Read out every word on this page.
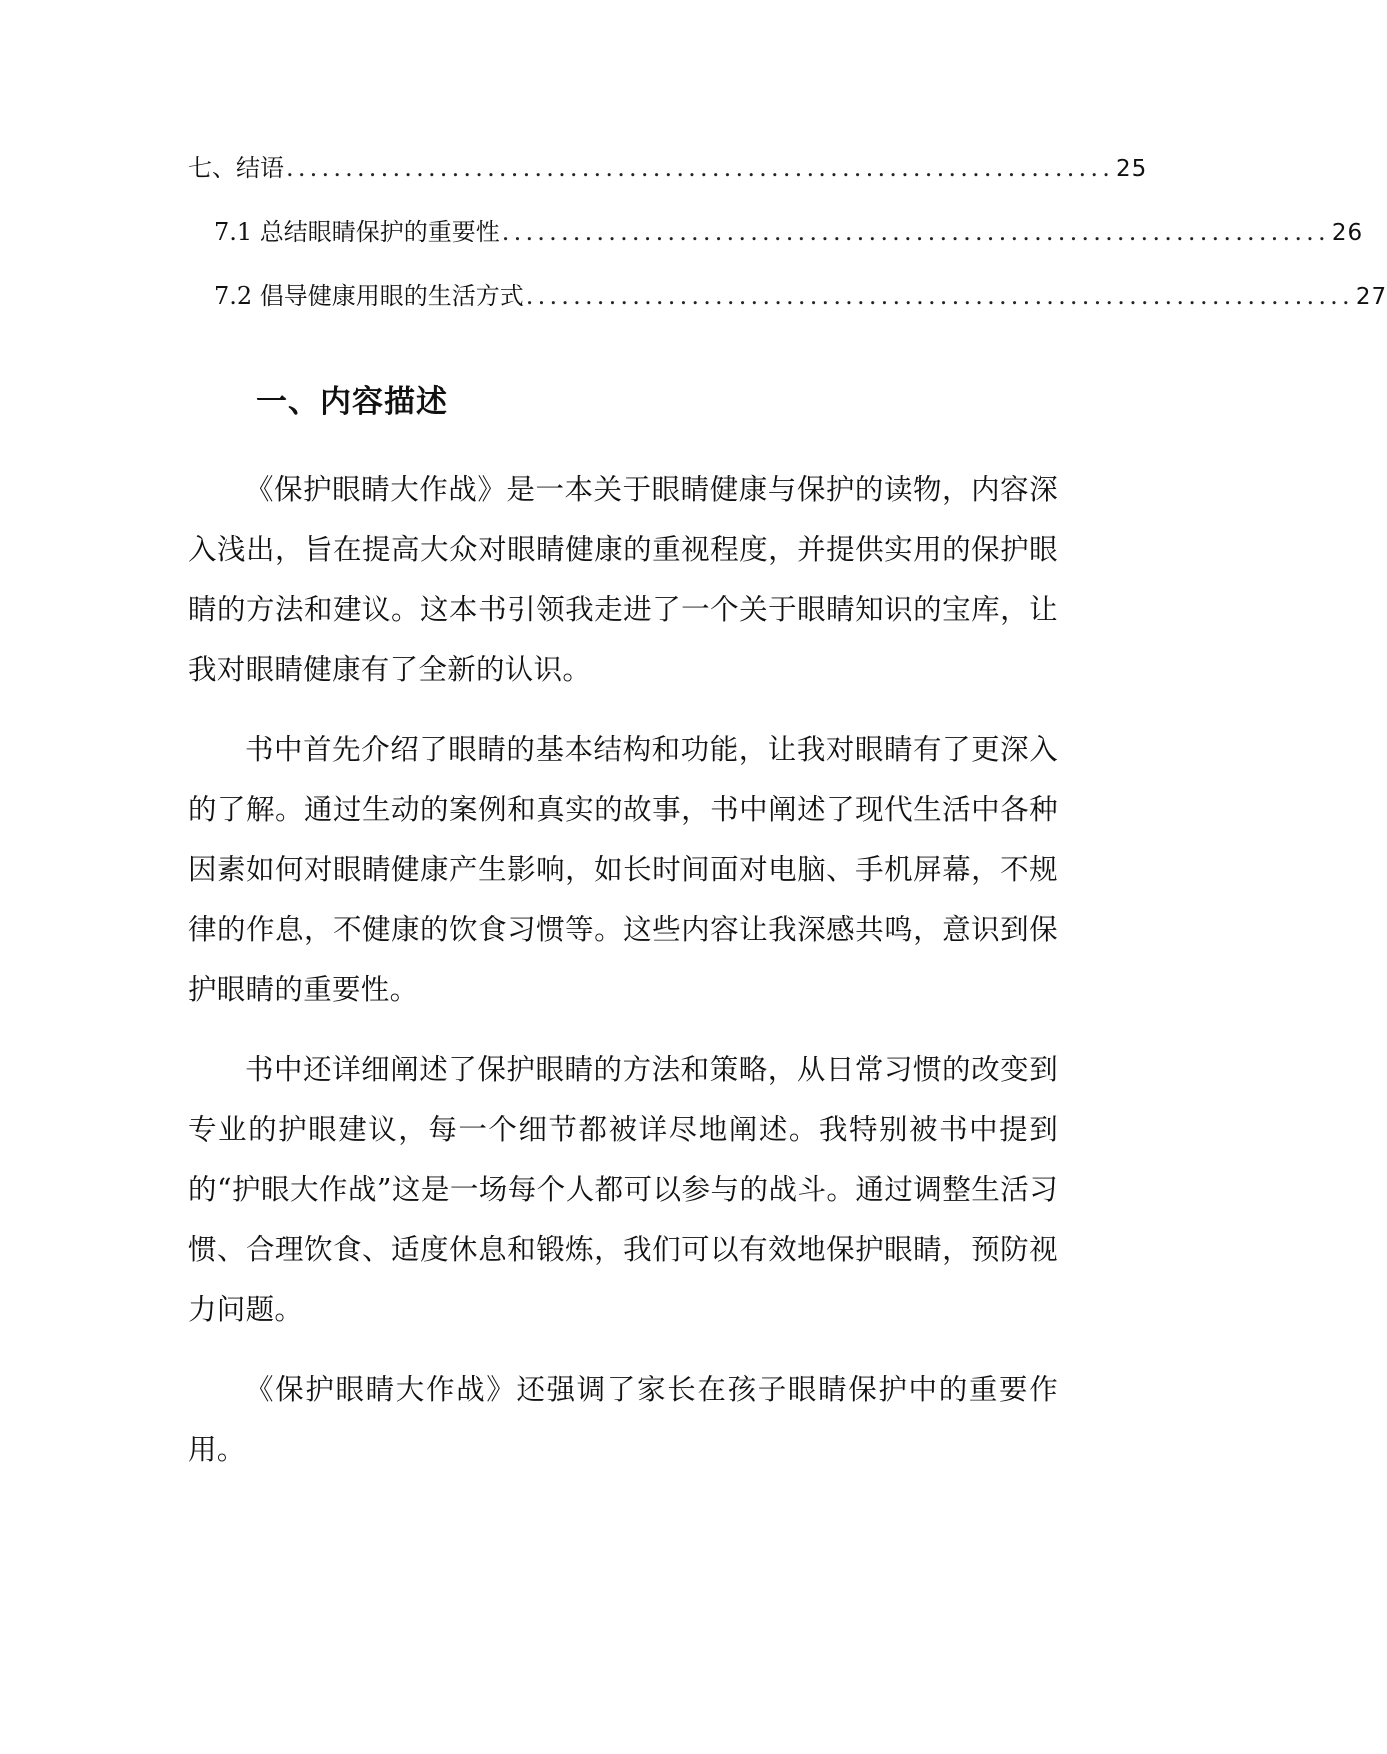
七、结语 ...................................................................... 25
7.1 总结眼睛保护的重要性 ...................................................................... 26
7.2 倡导健康用眼的生活方式 ...................................................................... 27
一、内容描述

《保护眼睛大作战》是一本关于眼睛健康与保护的读物，内容深入浅出，旨在提高大众对眼睛健康的重视程度，并提供实用的保护眼睛的方法和建议。这本书引领我走进了一个关于眼睛知识的宝库，让我对眼睛健康有了全新的认识。

书中首先介绍了眼睛的基本结构和功能，让我对眼睛有了更深入的了解。通过生动的案例和真实的故事，书中阐述了现代生活中各种因素如何对眼睛健康产生影响，如长时间面对电脑、手机屏幕，不规律的作息，不健康的饮食习惯等。这些内容让我深感共鸣，意识到保护眼睛的重要性。

书中还详细阐述了保护眼睛的方法和策略，从日常习惯的改变到专业的护眼建议，每一个细节都被详尽地阐述。我特别被书中提到的“护眼大作战”这是一场每个人都可以参与的战斗。通过调整生活习惯、合理饮食、适度休息和锻炼，我们可以有效地保护眼睛，预防视力问题。

《保护眼睛大作战》还强调了家长在孩子眼睛保护中的重要作用。
